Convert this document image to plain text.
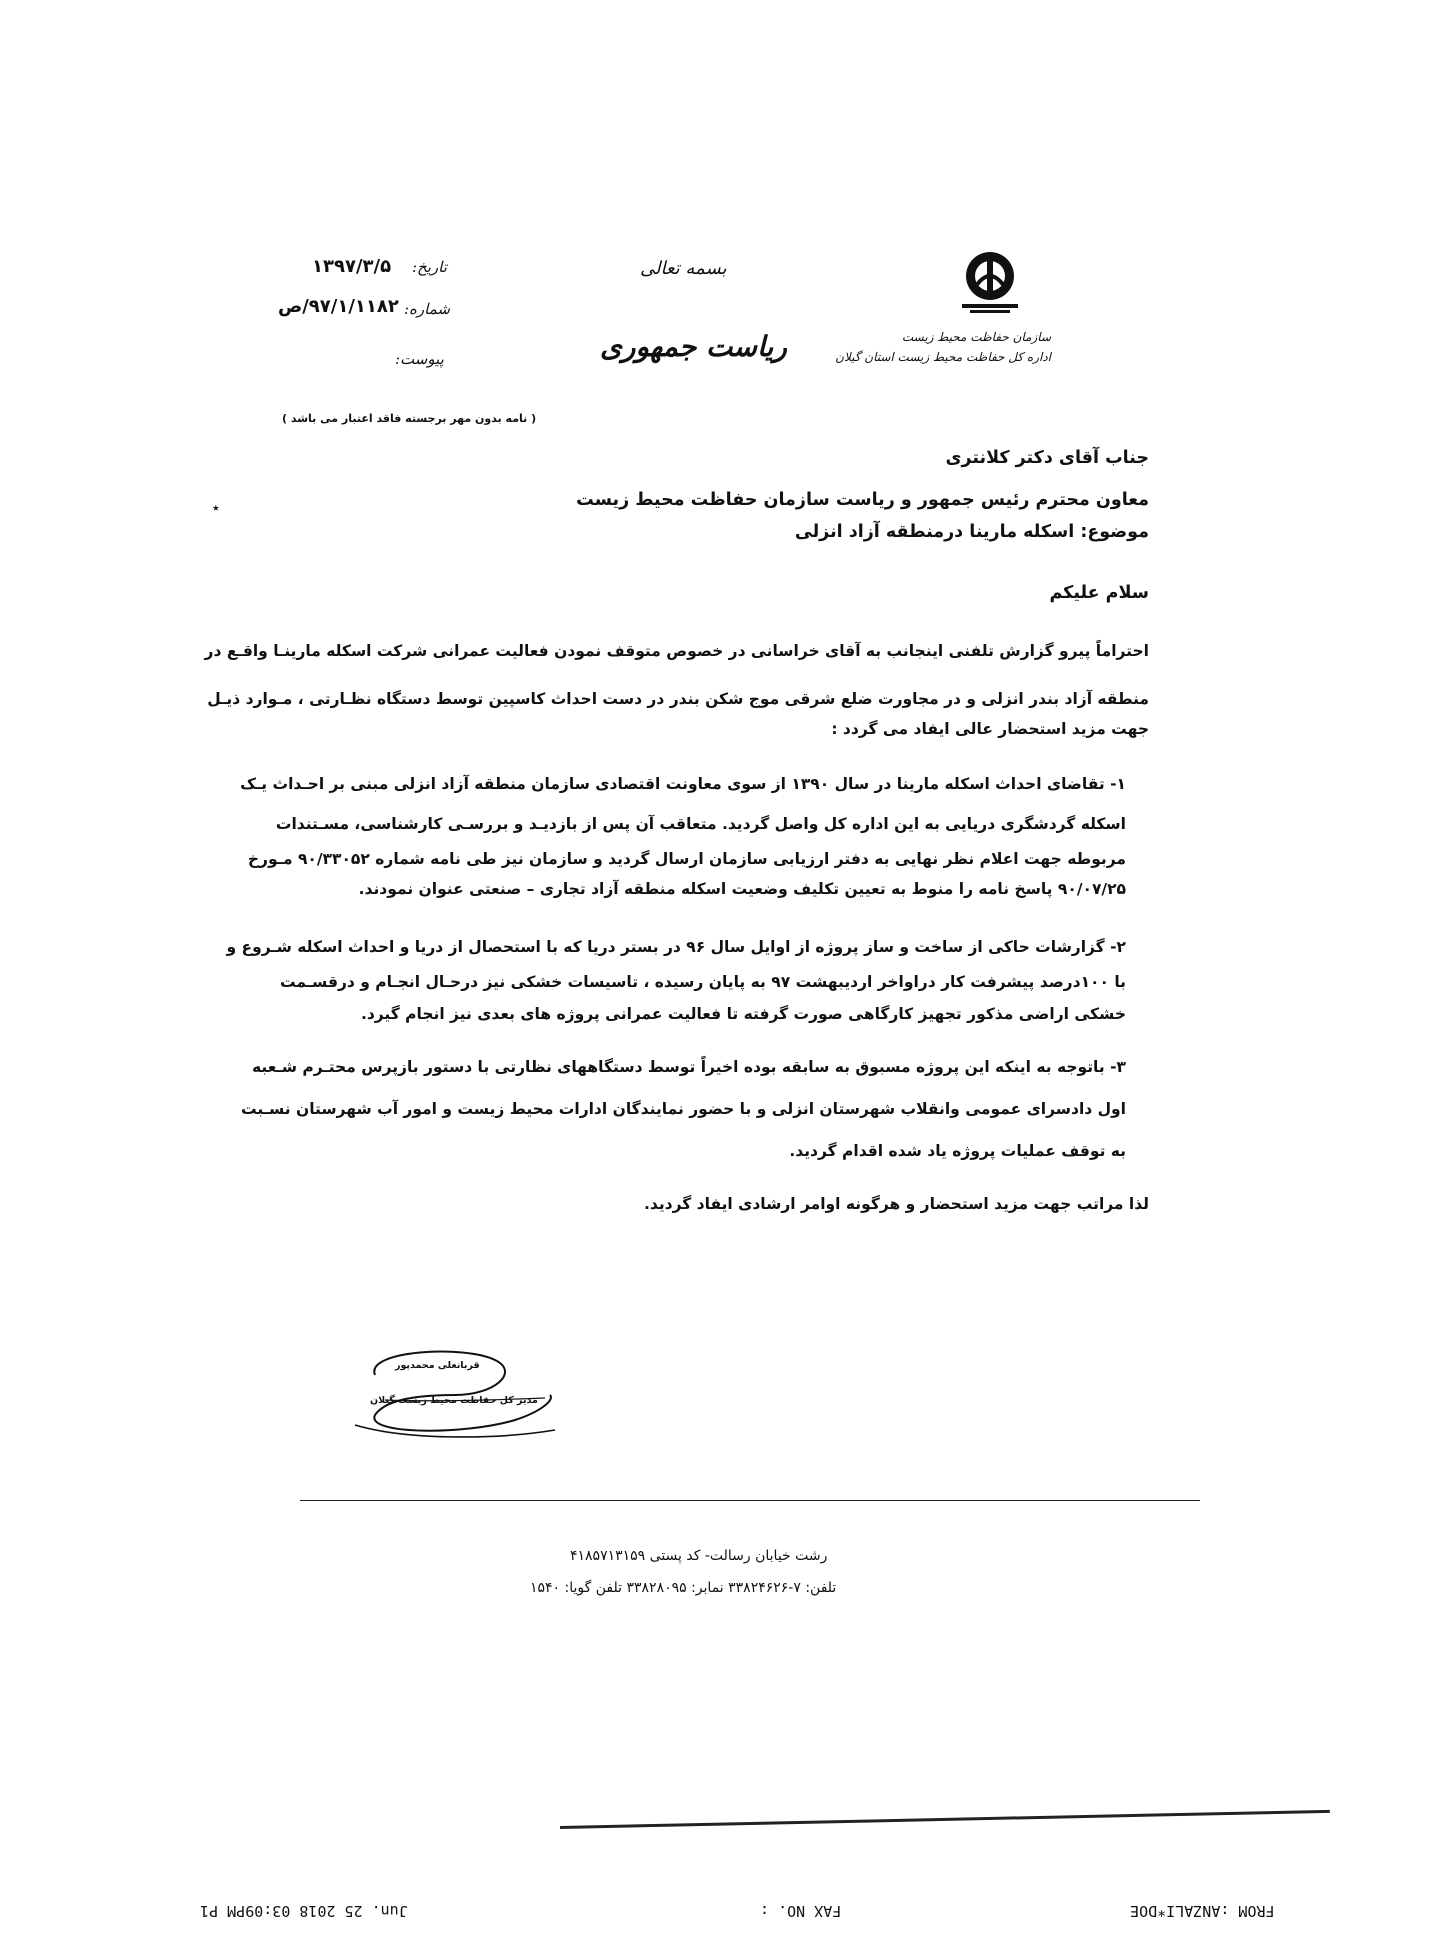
سازمان حفاظت محیط زیست
اداره کل حفاظت محیط زیست استان گیلان
بسمه تعالی
ریاست جمهوری
تاریخ:
۱۳۹۷/۳/۵
شماره:
۹۷/۱/۱۱۸۲/ص
پیوست:
( نامه بدون مهر برجسته فاقد اعتبار می باشد )
٭
جناب آقای دکتر کلانتری
معاون محترم رئیس جمهور و ریاست سازمان حفاظت محیط زیست
موضوع: اسکله مارینا درمنطقه آزاد انزلی
سلام علیکم
احتراماً پیرو گزارش تلفنی اینجانب به آقای خراسانی در خصوص متوقف نمودن فعالیت عمرانی شرکت اسکله مارینـا واقـع در
منطقه آزاد بندر انزلی و در مجاورت ضلع شرقی موج شکن بندر در دست احداث کاسپین توسط دستگاه نظـارتی ، مـوارد ذیـل
جهت مزید استحضار عالی ایفاد می گردد :
۱- تقاضای احداث اسکله مارینا در سال ۱۳۹۰ از سوی معاونت اقتصادی سازمان منطقه آزاد انزلی مبنی بر احـداث یـک
اسکله گردشگری دریایی به این اداره کل واصل گردید. متعاقب آن پس از بازدیـد و بررسـی کارشناسی، مسـتندات
مربوطه جهت اعلام نظر نهایی به دفتر ارزیابی سازمان ارسال گردید و سازمان نیز طی نامه شماره ۹۰/۳۳۰۵۲ مـورخ
۹۰/۰۷/۲۵ پاسخ نامه را منوط به تعیین تکلیف وضعیت اسکله منطقه آزاد تجاری – صنعتی عنوان نمودند.
۲- گزارشات حاکی از ساخت و ساز پروژه از اوایل سال ۹۶ در بستر دریا که با استحصال از دریا و احداث اسکله شـروع و
با ۱۰۰درصد پیشرفت کار دراواخر اردیبهشت ۹۷ به پایان رسیده ، تاسیسات خشکی نیز درحـال انجـام و درقسـمت
خشکی اراضی مذکور تجهیز کارگاهی صورت گرفته تا فعالیت عمرانی پروژه های بعدی نیز انجام گیرد.
۳- باتوجه به اینکه این پروژه مسبوق به سابقه بوده اخیراً توسط دستگاههای نظارتی با دستور بازپرس محتـرم شـعبه
اول دادسرای عمومی وانقلاب شهرستان انزلی و با حضور نمایندگان ادارات محیط زیست و امور آب شهرستان نسـبت
به توقف عملیات پروژه یاد شده اقدام گردید.
لذا مراتب جهت مزید استحضار و هرگونه اوامر ارشادی ایفاد گردید.
قربانعلی محمدپور
مدیر کل حفاظت محیط زیست گیلان
رشت خیابان رسالت- کد پستی ۴۱۸۵۷۱۳۱۵۹
تلفن: ۷-۳۳۸۲۴۶۲۶ نمابر: ۳۳۸۲۸۰۹۵ تلفن گویا: ۱۵۴۰
FROM :ANZALI*DOE
FAX NO. :
Jun. 25 2018 03:09PM P1
